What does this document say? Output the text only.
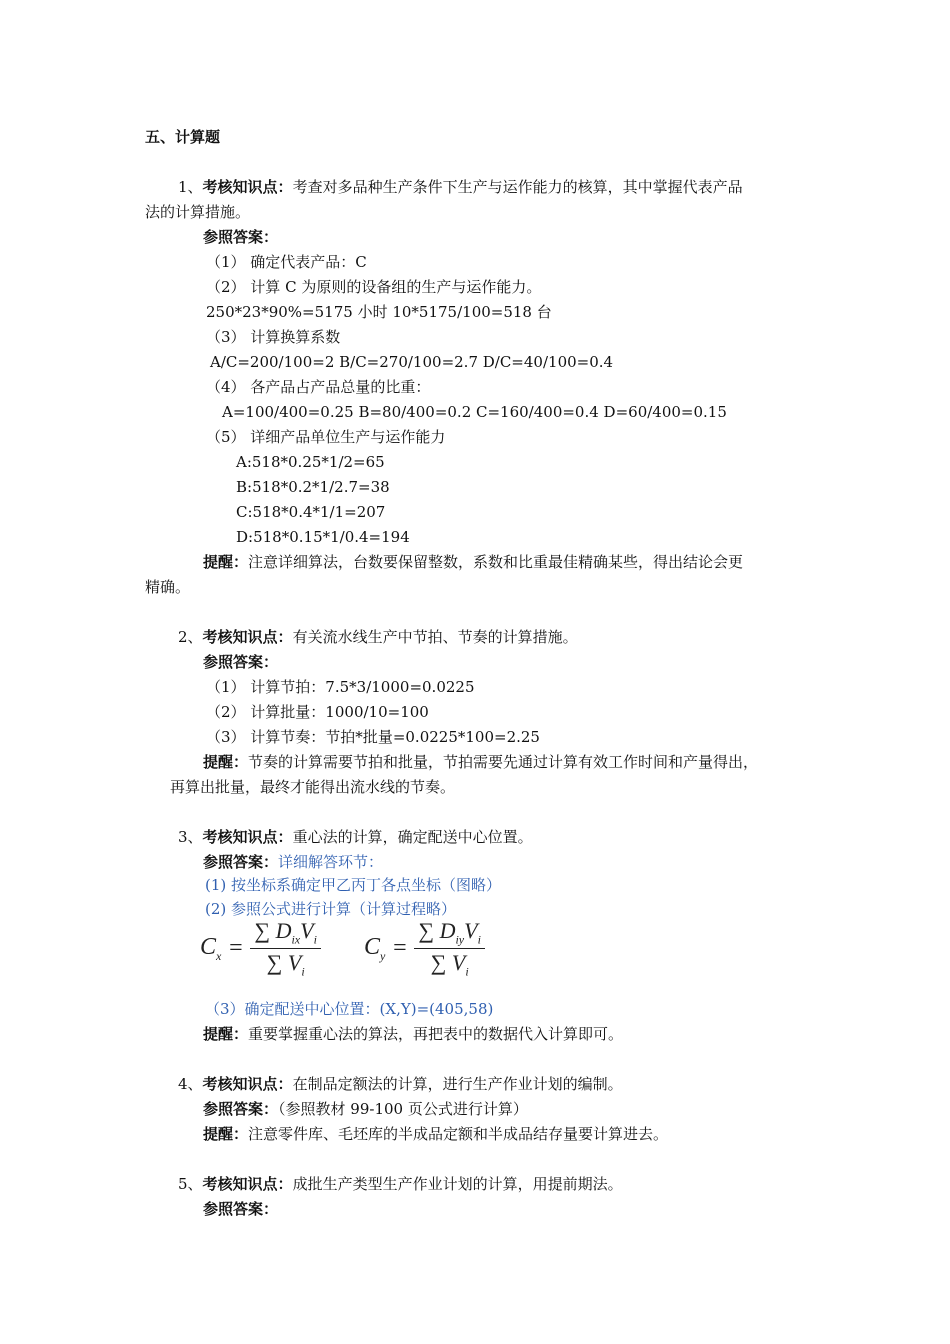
五、计算题
1、考核知识点：考查对多品种生产条件下生产与运作能力的核算，其中掌握代表产品
法的计算措施。
参照答案：
（1） 确定代表产品：C
（2） 计算 C 为原则的设备组的生产与运作能力。
250*23*90%=5175 小时 10*5175/100=518 台
（3） 计算换算系数
A/C=200/100=2 B/C=270/100=2.7 D/C=40/100=0.4
（4） 各产品占产品总量的比重：
A=100/400=0.25 B=80/400=0.2 C=160/400=0.4 D=60/400=0.15
（5） 详细产品单位生产与运作能力
A:518*0.25*1/2=65
B:518*0.2*1/2.7=38
C:518*0.4*1/1=207
D:518*0.15*1/0.4=194
提醒：注意详细算法，台数要保留整数，系数和比重最佳精确某些，得出结论会更
精确。
2、考核知识点：有关流水线生产中节拍、节奏的计算措施。
参照答案：
（1） 计算节拍：7.5*3/1000=0.0225
（2） 计算批量：1000/10=100
（3） 计算节奏：节拍*批量=0.0225*100=2.25
提醒：节奏的计算需要节拍和批量，节拍需要先通过计算有效工作时间和产量得出，
再算出批量，最终才能得出流水线的节奏。
3、考核知识点：重心法的计算，确定配送中心位置。
参照答案：详细解答环节：
(1) 按坐标系确定甲乙丙丁各点坐标（图略）
(2) 参照公式进行计算（计算过程略）
$C_x = \frac{\sum D_{ix}V_i}{\sum V_i} C_y = \frac{\sum D_{iy}V_i}{\sum V_i}$
（3）确定配送中心位置：(X,Y)=(405,58)
提醒：重要掌握重心法的算法，再把表中的数据代入计算即可。
4、考核知识点：在制品定额法的计算，进行生产作业计划的编制。
参照答案：（参照教材 99-100 页公式进行计算）
提醒：注意零件库、毛坯库的半成品定额和半成品结存量要计算进去。
5、考核知识点：成批生产类型生产作业计划的计算，用提前期法。
参照答案：
